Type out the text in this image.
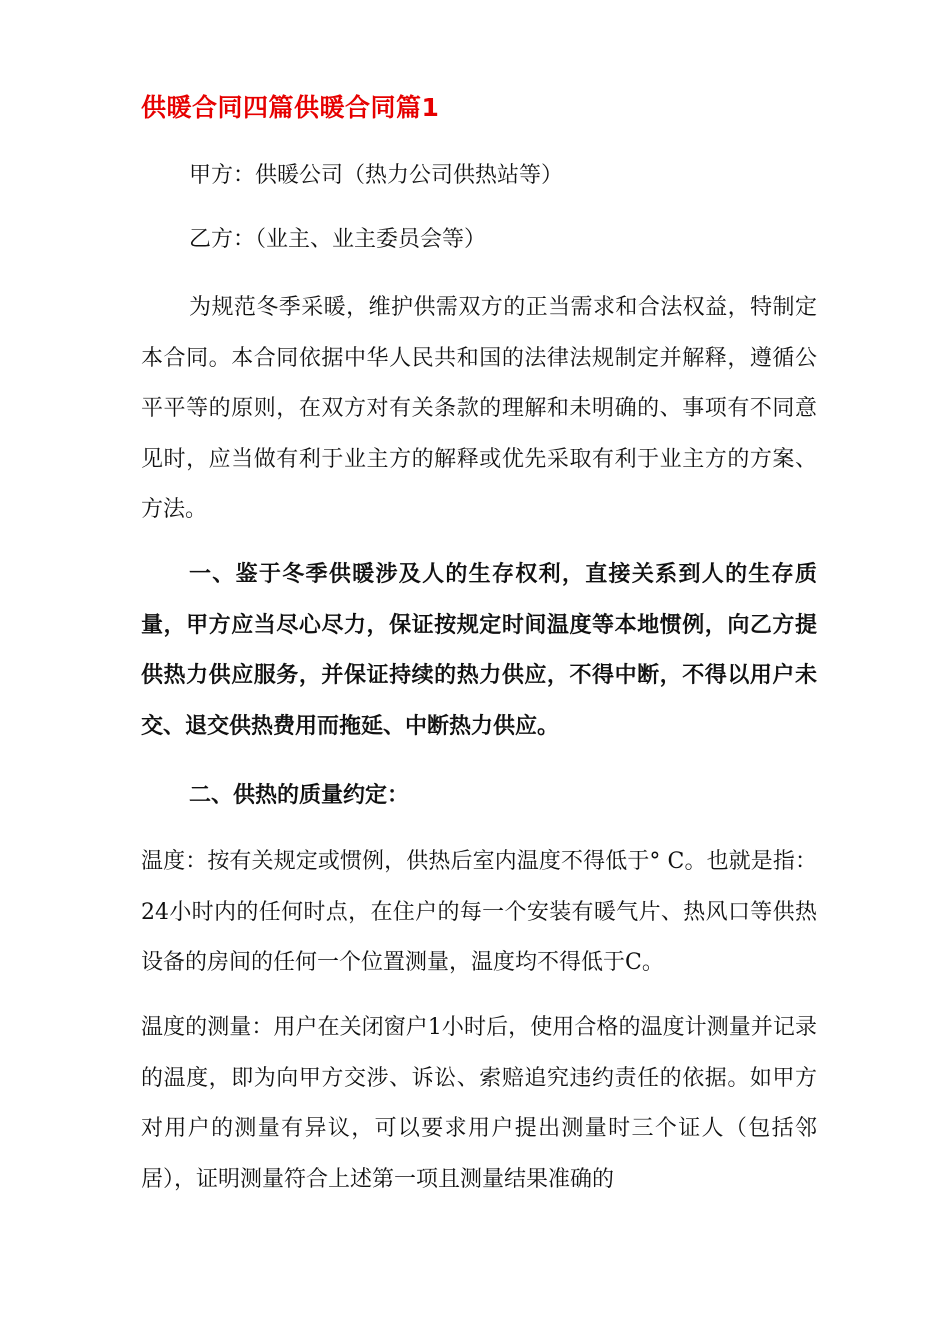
供暖合同四篇供暖合同篇1

甲方：供暖公司（热力公司供热站等）

乙方：（业主、业主委员会等）

为规范冬季采暖，维护供需双方的正当需求和合法权益，特制定本合同。本合同依据中华人民共和国的法律法规制定并解释，遵循公平平等的原则，在双方对有关条款的理解和未明确的、事项有不同意见时，应当做有利于业主方的解释或优先采取有利于业主方的方案、方法。

一、鉴于冬季供暖涉及人的生存权利，直接关系到人的生存质量，甲方应当尽心尽力，保证按规定时间温度等本地惯例，向乙方提供热力供应服务，并保证持续的热力供应，不得中断，不得以用户未交、退交供热费用而拖延、中断热力供应。

二、供热的质量约定：

温度：按有关规定或惯例，供热后室内温度不得低于° C。也就是指：24小时内的任何时点，在住户的每一个安装有暖气片、热风口等供热设备的房间的任何一个位置测量，温度均不得低于C。

温度的测量：用户在关闭窗户1小时后，使用合格的温度计测量并记录的温度，即为向甲方交涉、诉讼、索赔追究违约责任的依据。如甲方对用户的测量有异议，可以要求用户提出测量时三个证人（包括邻居），证明测量符合上述第一项且测量结果准确的
